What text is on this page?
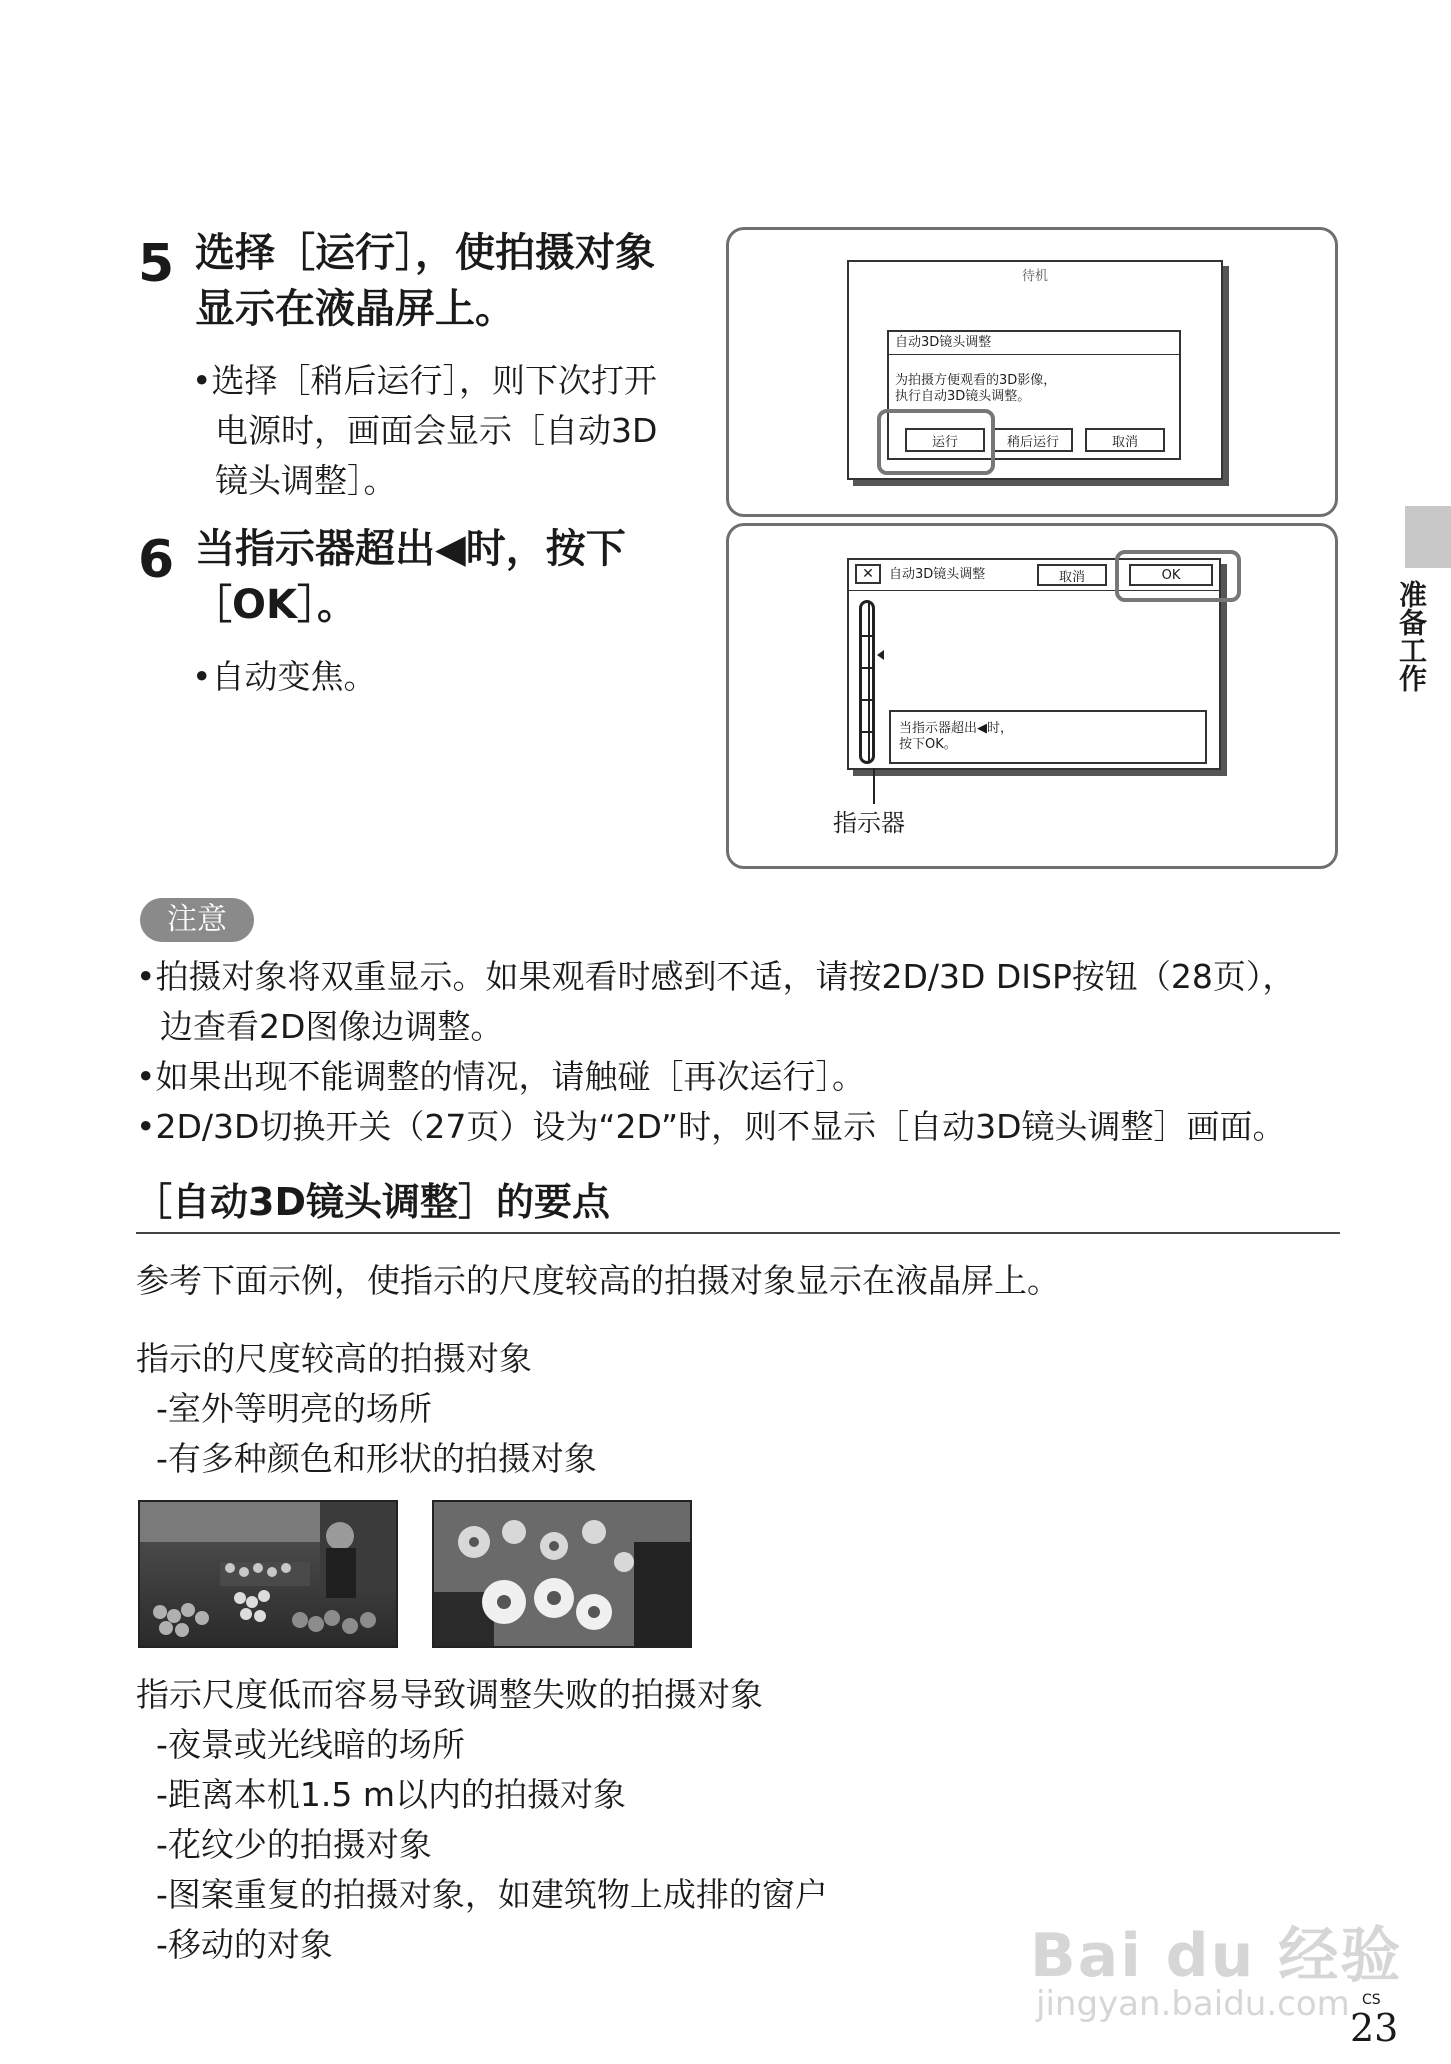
5 选择［运行］，使拍摄对象
显示在液晶屏上。
•选择［稍后运行］，则下次打开
电源时，画面会显示［自动3D
镜头调整］。
6 当指示器超出◀时，按下
［OK］。
•自动变焦。
待机
自动3D镜头调整
为拍摄方便观看的3D影像，
执行自动3D镜头调整。
运行	稍后运行	取消
✕	自动3D镜头调整	取消	OK
当指示器超出◀时，
按下OK。
指示器
注意
•拍摄对象将双重显示。如果观看时感到不适，请按2D/3D DISP按钮（28页），
边查看2D图像边调整。
•如果出现不能调整的情况，请触碰［再次运行］。
•2D/3D切换开关（27页）设为“2D”时，则不显示［自动3D镜头调整］画面。
［自动3D镜头调整］的要点
参考下面示例，使指示的尺度较高的拍摄对象显示在液晶屏上。
指示的尺度较高的拍摄对象
-室外等明亮的场所
-有多种颜色和形状的拍摄对象
指示尺度低而容易导致调整失败的拍摄对象
-夜景或光线暗的场所
-距离本机1.5 m以内的拍摄对象
-花纹少的拍摄对象
-图案重复的拍摄对象，如建筑物上成排的窗户
-移动的对象
准备工作
Bai du 经验
jingyan.baidu.com CS
23
